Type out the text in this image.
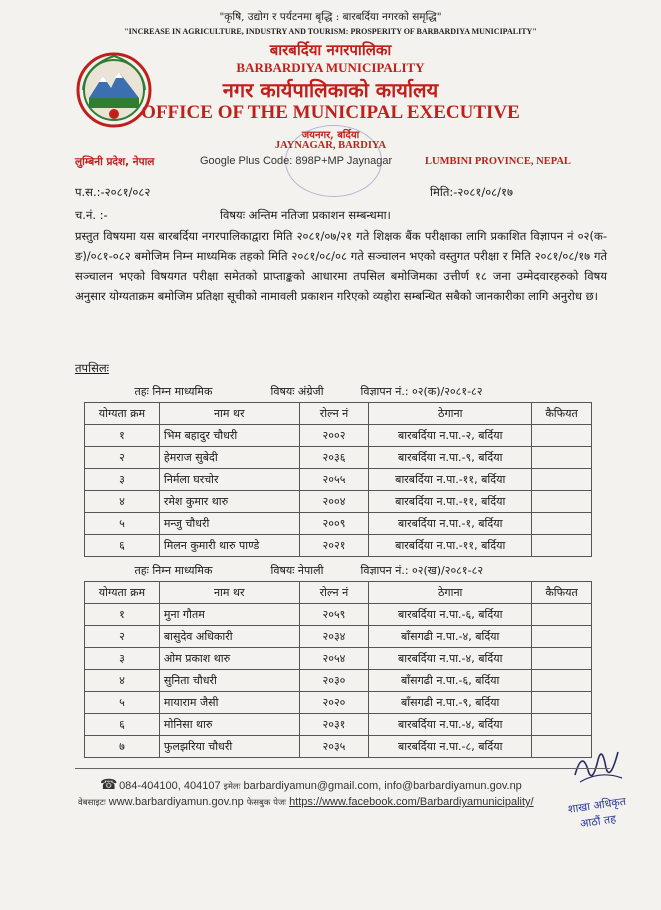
"कृषि, उद्योग र पर्यटनमा बृद्धि : बारबर्दिया नगरको समृद्धि"
"INCREASE IN AGRICULTURE, INDUSTRY AND TOURISM: PROSPERITY OF BARBARDIYA MUNICIPALITY"
बारबर्दिया नगरपालिका
BARBARDIYA MUNICIPALITY
नगर कार्यपालिकाको कार्यालय
OFFICE OF THE MUNICIPAL EXECUTIVE
जयनगर, बर्दिया
JAYNAGAR, BARDIYA
लुम्बिनी प्रदेश, नेपाल	Google Plus Code: 898P+MP Jaynagar	LUMBINI PROVINCE, NEPAL
प.स.:-२०८१/०८२	मिति:-२०८१/०८/१७
च.नं. :-	विषयः अन्तिम नतिजा प्रकाशन सम्बन्धमा।
प्रस्तुत विषयमा यस बारबर्दिया नगरपालिकाद्वारा मिति २०८१/०७/२१ गते शिक्षक बैंक परीक्षाका लागि प्रकाशित विज्ञापन नं ०२(क-ङ)/०८१-०८२ बमोजिम निम्न माध्यमिक तहको मिति २०८१/०८/०८ गते सञ्चालन भएको वस्तुगत परीक्षा र मिति २०८१/०८/१७ गते सञ्चालन भएको विषयगत परीक्षा समेतको प्राप्ताङ्कको आधारमा तपसिल बमोजिमका उत्तीर्ण १८ जना उम्मेदवारहरुको विषय अनुसार योग्यताक्रम बमोजिम प्रतिक्षा सूचीको नामावली प्रकाशन गरिएको व्यहोरा सम्बन्धित सबैको जानकारीका लागि अनुरोध छ।
तपसिलः
तहः निम्न माध्यमिक विषयः अंग्रेजी विज्ञापन नं.: ०२(क)/२०८१-८२				

योग्यता क्रम	नाम थर	रोल्न नं	ठेगाना	कैफियत
१	भिम बहादुर चौधरी	२००२	बारबर्दिया न.पा.-२, बर्दिया	
२	हेमराज सुबेदी	२०३६	बारबर्दिया न.पा.-९, बर्दिया	
३	निर्मला घरचोर	२०५५	बारबर्दिया न.पा.-११, बर्दिया	
४	रमेश कुमार थारु	२००४	बारबर्दिया न.पा.-११, बर्दिया	
५	मन्जु चौधरी	२००९	बारबर्दिया न.पा.-१, बर्दिया	
६	मिलन कुमारी थारु पाण्डे	२०२१	बारबर्दिया न.पा.-११, बर्दिया	
तहः निम्न माध्यमिक विषयः नेपाली विज्ञापन नं.: ०२(ख)/२०८१-८२				

योग्यता क्रम	नाम थर	रोल्न नं	ठेगाना	कैफियत
१	मुना गौतम	२०५९	बारबर्दिया न.पा.-६, बर्दिया	
२	बासुदेव अधिकारी	२०३४	बाँसगढी न.पा.-४, बर्दिया	
३	ओम प्रकाश थारु	२०५४	बारबर्दिया न.पा.-४, बर्दिया	
४	सुनिता चौधरी	२०३०	बाँसगढी न.पा.-६, बर्दिया	
५	मायाराम जैसी	२०२०	बाँसगढी न.पा.-९, बर्दिया	
६	मोनिसा थारु	२०३१	बारबर्दिया न.पा.-४, बर्दिया	
७	फुलझरिया चौधरी	२०३५	बारबर्दिया न.पा.-८, बर्दिया	
☎ 084-404100, 404107 इमेलः barbardiyamun@gmail.com, info@barbardiyamun.gov.np
वेबसाइटः www.barbardiyamun.gov.np फेसबुक पेजः https://www.facebook.com/Barbardiyamunicipality/	शाखा अधिकृत
आठौं तह
